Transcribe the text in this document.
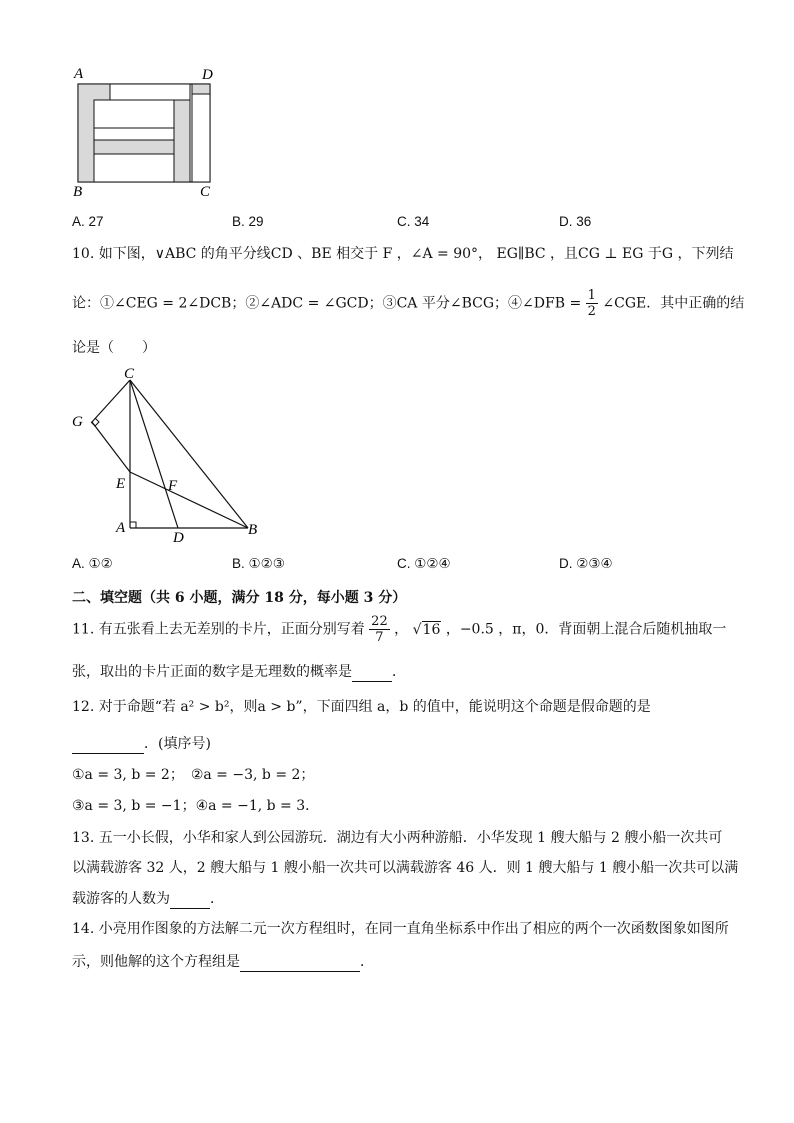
A	D
B	C
A. 27	B. 29	C. 34	D. 36
10. 如下图，∨ABC 的角平分线CD 、BE 相交于 F ，∠A = 90°， EG∥BC ，且CG ⊥ EG 于G ，下列结
论：①∠CEG = 2∠DCB；②∠ADC = ∠GCD；③CA 平分∠BCG；④∠DFB = $\frac{1}{2}$ ∠CGE．其中正确的结
论是（　　）
C
G
E	F
A
D	B
A. ①②	B. ①②③	C. ①②④	D. ②③④
二、填空题（共 6 小题，满分 18 分，每小题 3 分）
11. 有五张看上去无差别的卡片，正面分别写着 $\frac{22}{7}$ ， √16 ，−0.5 ，π，0．背面朝上混合后随机抽取一
张，取出的卡片正面的数字是无理数的概率是	．
12. 对于命题“若 a² > b²，则a > b”，下面四组 a，b 的值中，能说明这个命题是假命题的是
．(填序号)
①a = 3, b = 2；　②a = −3, b = 2；
③a = 3, b = −1；④a = −1, b = 3．
13. 五一小长假，小华和家人到公园游玩．湖边有大小两种游船．小华发现 1 艘大船与 2 艘小船一次共可
以满载游客 32 人，2 艘大船与 1 艘小船一次共可以满载游客 46 人．则 1 艘大船与 1 艘小船一次共可以满
载游客的人数为	．
14. 小亮用作图象的方法解二元一次方程组时，在同一直角坐标系中作出了相应的两个一次函数图象如图所
示，则他解的这个方程组是	．
